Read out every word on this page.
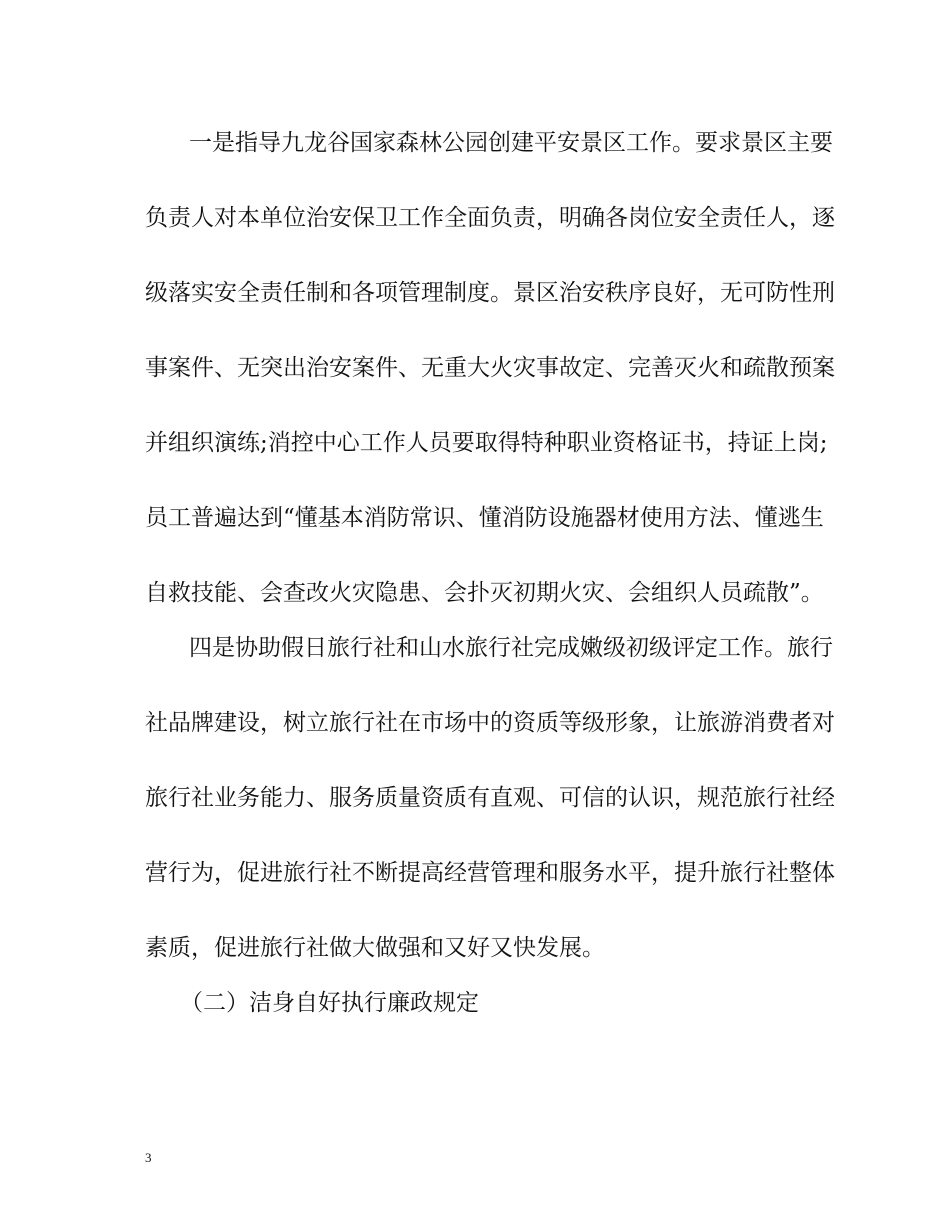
一是指导九龙谷国家森林公园创建平安景区工作。要求景区主要
负责人对本单位治安保卫工作全面负责，明确各岗位安全责任人，逐
级落实安全责任制和各项管理制度。景区治安秩序良好，无可防性刑
事案件、无突出治安案件、无重大火灾事故定、完善灭火和疏散预案
并组织演练;消控中心工作人员要取得特种职业资格证书，持证上岗;
员工普遍达到“懂基本消防常识、懂消防设施器材使用方法、懂逃生
自救技能、会查改火灾隐患、会扑灭初期火灾、会组织人员疏散”。
四是协助假日旅行社和山水旅行社完成嫩级初级评定工作。旅行
社品牌建设，树立旅行社在市场中的资质等级形象，让旅游消费者对
旅行社业务能力、服务质量资质有直观、可信的认识，规范旅行社经
营行为，促进旅行社不断提高经营管理和服务水平，提升旅行社整体
素质，促进旅行社做大做强和又好又快发展。
（二）洁身自好执行廉政规定
3
